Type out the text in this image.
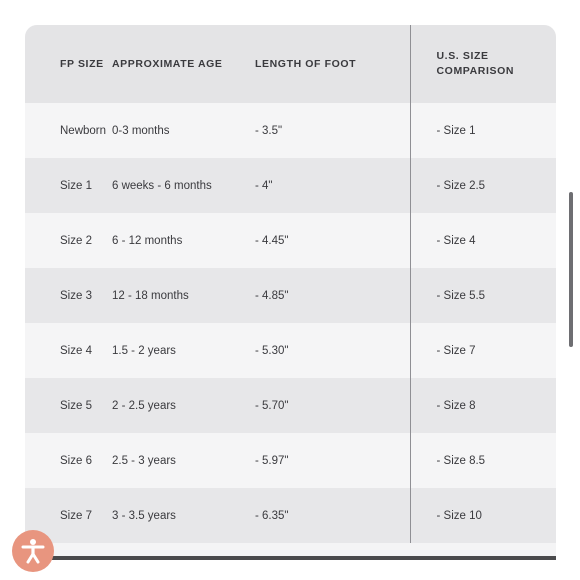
FP SIZE	APPROXIMATE AGE	LENGTH OF FOOT	U.S. SIZE
COMPARISON
Newborn	0-3 months	- 3.5"	- Size 1
Size 1	6 weeks - 6 months	- 4"	- Size 2.5
Size 2	6 - 12 months	- 4.45"	- Size 4
Size 3	12 - 18 months	- 4.85"	- Size 5.5
Size 4	1.5 - 2 years	- 5.30"	- Size 7
Size 5	2 - 2.5 years	- 5.70"	- Size 8
Size 6	2.5 - 3 years	- 5.97"	- Size 8.5
Size 7	3 - 3.5 years	- 6.35"	- Size 10
